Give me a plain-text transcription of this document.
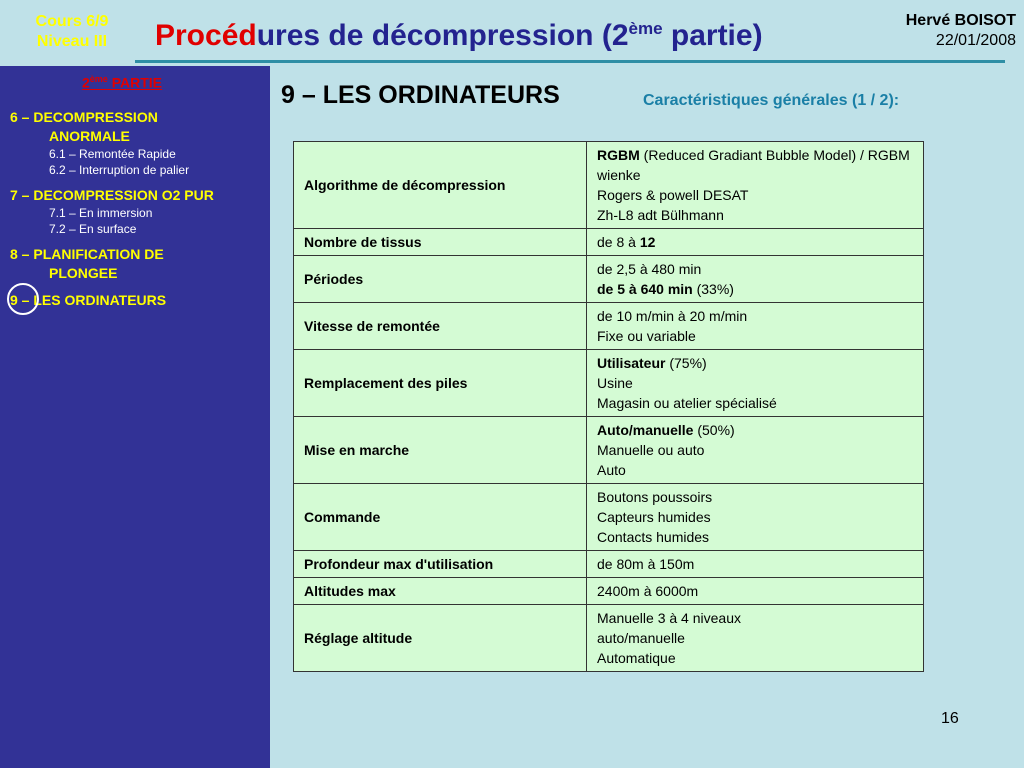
Cours 6/9
Niveau III	Procédures de décompression (2ème partie)	Hervé BOISOT
22/01/2008
2ème PARTIE
6 – DECOMPRESSION
ANORMALE
6.1 – Remontée Rapide
6.2 – Interruption de palier
7 – DECOMPRESSION O2 PUR
7.1 – En immersion
7.2 – En surface
8 – PLANIFICATION DE
PLONGEE
9 – LES ORDINATEURS
9 – LES ORDINATEURS	Caractéristiques générales (1 / 2):
Algorithme de décompression	RGBM (Reduced Gradiant Bubble Model) / RGBM wienke
Rogers & powell DESAT
Zh-L8 adt Bülhmann

Nombre de tissus	de 8 à 12

Périodes	de 2,5 à 480 min
de 5 à 640 min (33%)

Vitesse de remontée	de 10 m/min à 20 m/min
Fixe ou variable

Remplacement des piles	Utilisateur (75%)
Usine
Magasin ou atelier spécialisé

Mise en marche	Auto/manuelle (50%)
Manuelle ou auto
Auto

Commande	Boutons poussoirs
Capteurs humides
Contacts humides

Profondeur max d'utilisation	de 80m à 150m

Altitudes max	2400m à 6000m

Réglage altitude	Manuelle 3 à 4 niveaux
auto/manuelle
Automatique
16
